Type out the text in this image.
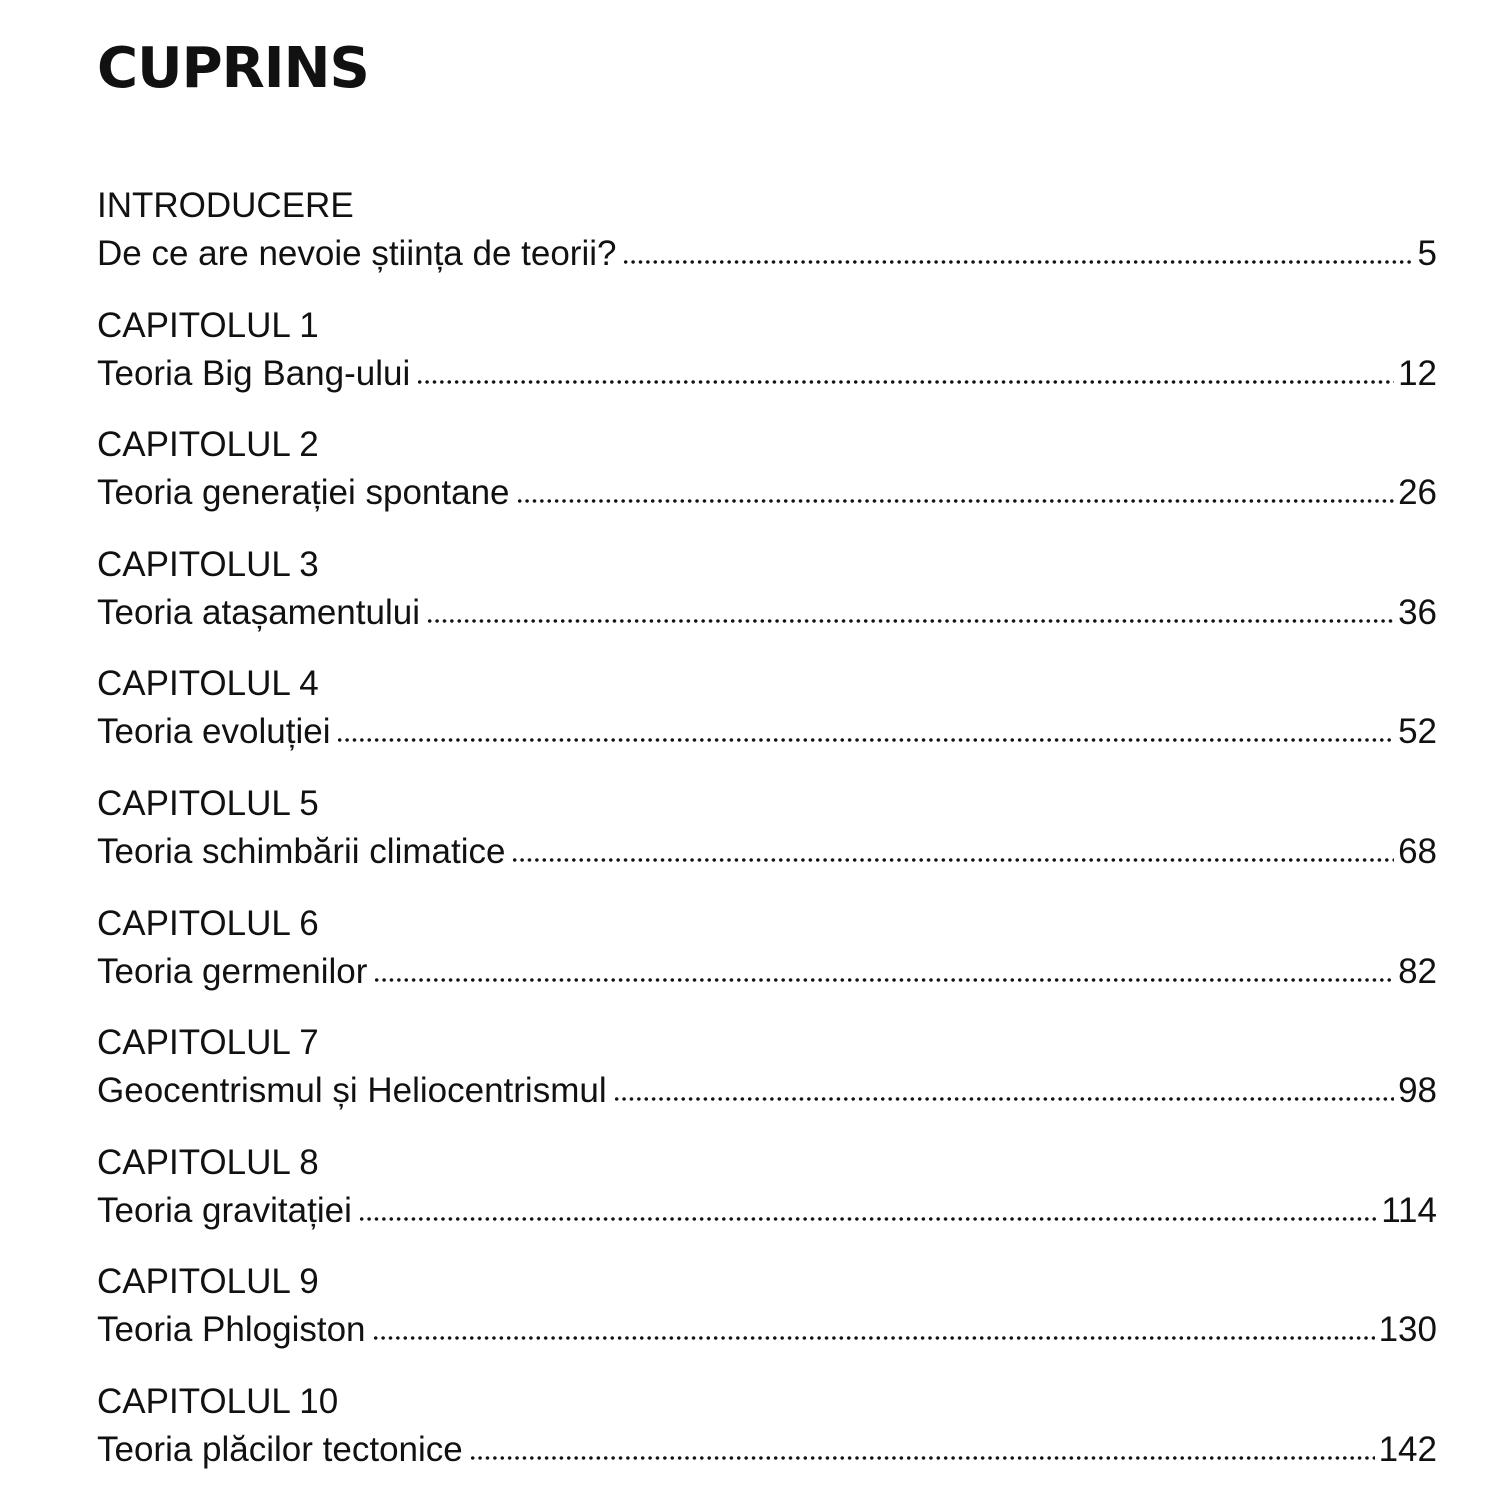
CUPRINS
INTRODUCERE
De ce are nevoie știința de teorii?	5
CAPITOLUL 1
Teoria Big Bang-ului	12
CAPITOLUL 2
Teoria generației spontane	26
CAPITOLUL 3
Teoria atașamentului	36
CAPITOLUL 4
Teoria evoluției	52
CAPITOLUL 5
Teoria schimbării climatice	68
CAPITOLUL 6
Teoria germenilor	82
CAPITOLUL 7
Geocentrismul și Heliocentrismul	98
CAPITOLUL 8
Teoria gravitației	114
CAPITOLUL 9
Teoria Phlogiston	130
CAPITOLUL 10
Teoria plăcilor tectonice	142
